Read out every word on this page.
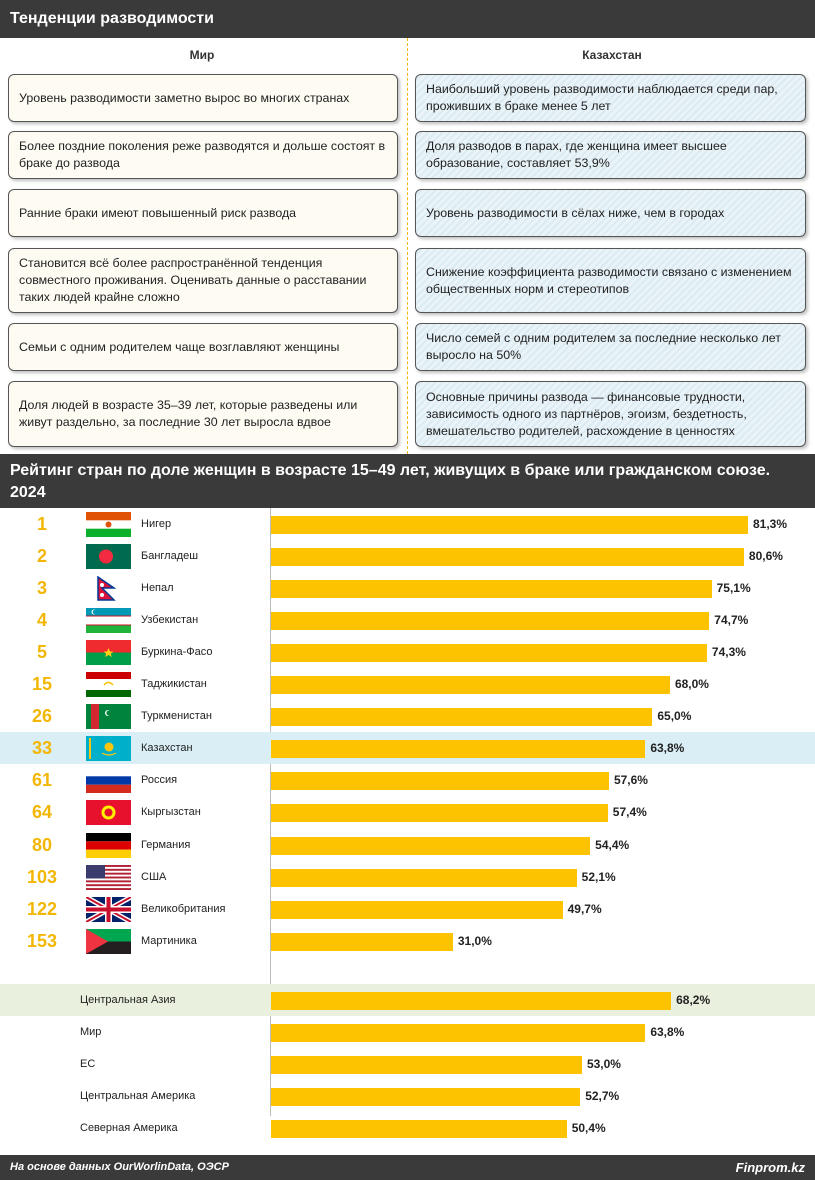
Тенденции разводимости
Мир	Казахстан
Уровень разводимости заметно вырос во многих странах
Более поздние поколения реже разводятся и дольше состоят в браке до развода
Ранние браки имеют повышенный риск развода
Становится всё более распространённой тенденция совместного проживания. Оценивать данные о расставании таких людей крайне сложно
Семьи с одним родителем чаще возглавляют женщины
Доля людей в возрасте 35–39 лет, которые разведены или живут раздельно, за последние 30 лет выросла вдвое
Наибольший уровень разводимости наблюдается среди пар, проживших в браке менее 5 лет
Доля разводов в парах, где женщина имеет высшее образование, составляет 53,9%
Уровень разводимости в сёлах ниже, чем в городах
Снижение коэффициента разводимости связано с изменением общественных норм и стереотипов
Число семей с одним родителем за последние несколько лет выросло на 50%
Основные причины развода — финансовые трудности, зависимость одного из партнёров, эгоизм, бездетность, вмешательство родителей, расхождение в ценностях
Рейтинг стран по доле женщин в возрасте 15–49 лет, живущих в браке или гражданском союзе. 2024
1	Нигер	81,3%
2	Бангладеш	80,6%
3	Непал	75,1%
4	Узбекистан	74,7%
5	Буркина-Фасо	74,3%
15	Таджикистан	68,0%
26	Туркменистан	65,0%
33	Казахстан	63,8%
61	Россия	57,6%
64	Кыргызстан	57,4%
80	Германия	54,4%
103	США	52,1%
122	Великобритания	49,7%
153	Мартиника	31,0%
Центральная Азия	68,2%
Мир	63,8%
ЕС	53,0%
Центральная Америка	52,7%
Северная Америка	50,4%
На основе данных OurWorlinData, ОЭСР	Finprom.kz
